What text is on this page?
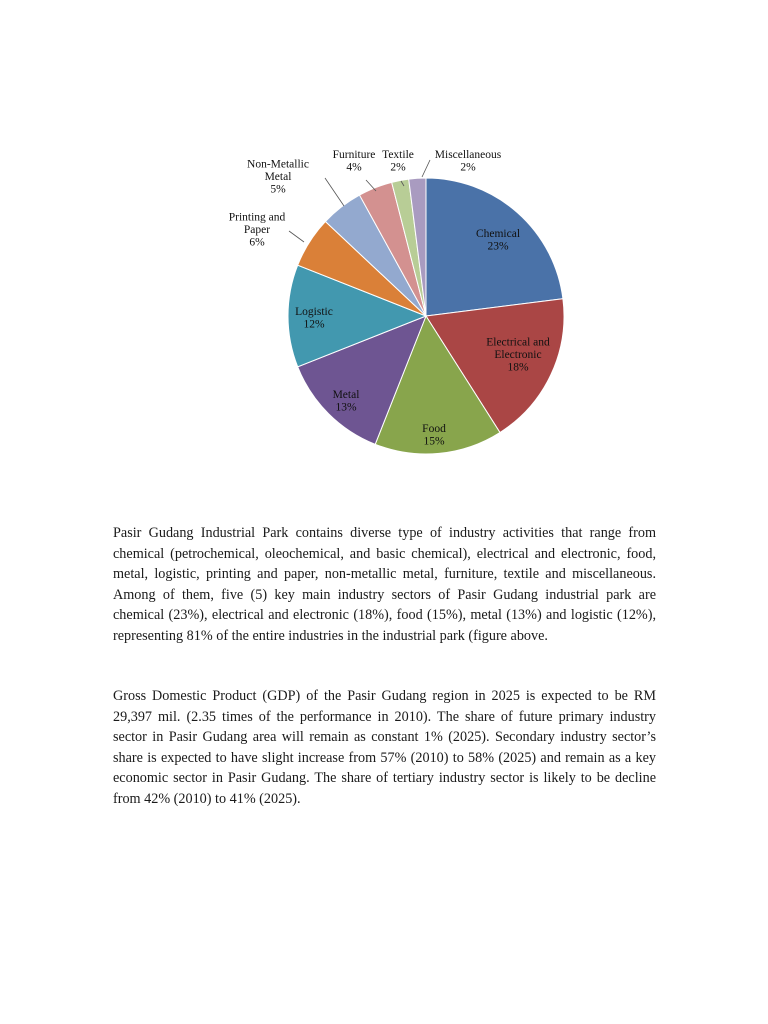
Chemical 23%
Electrical and Electronic 18%
Food 15%
Metal 13%
Logistic 12%
Printing and Paper 6%
Non-Metallic Metal 5%
Furniture 4%
Textile 2%
Miscellaneous 2%

Pasir Gudang Industrial Park contains diverse type of industry activities that range from chemical (petrochemical, oleochemical, and basic chemical), electrical and electronic, food, metal, logistic, printing and paper, non-metallic metal, furniture, textile and miscellaneous. Among of them, five (5) key main industry sectors of Pasir Gudang industrial park are chemical (23%), electrical and electronic (18%), food (15%), metal (13%) and logistic (12%), representing 81% of the entire industries in the industrial park (figure above.

Gross Domestic Product (GDP) of the Pasir Gudang region in 2025 is expected to be RM 29,397 mil. (2.35 times of the performance in 2010). The share of future primary industry sector in Pasir Gudang area will remain as constant 1% (2025). Secondary industry sector’s share is expected to have slight increase from 57% (2010) to 58% (2025) and remain as a key economic sector in Pasir Gudang. The share of tertiary industry sector is likely to be decline from 42% (2010) to 41% (2025).
